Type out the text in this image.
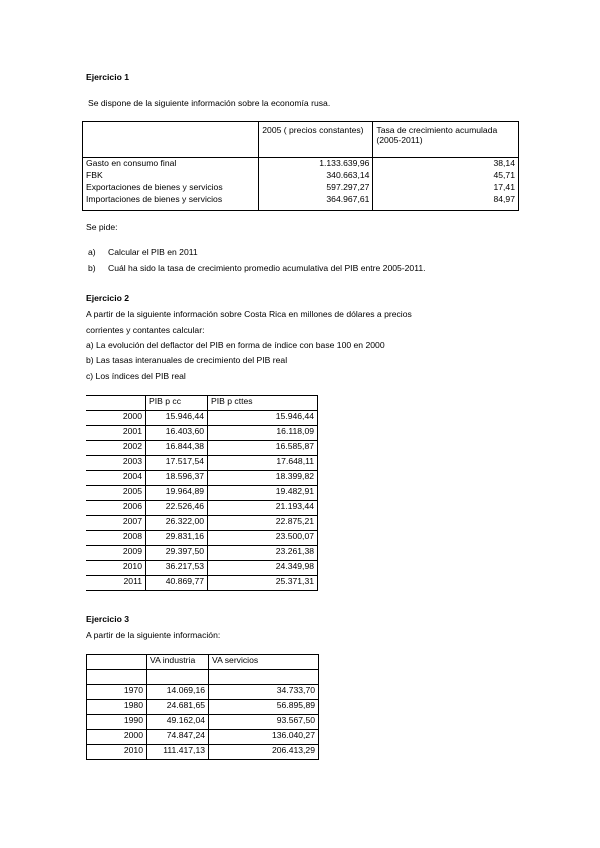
Ejercicio 1
Se dispone de la siguiente información sobre la economía rusa.
	2005 ( precios constantes)	Tasa de crecimiento acumulada (2005-2011)
Gasto en consumo final	1.133.639,96	38,14
FBK	340.663,14	45,71
Exportaciones de bienes y servicios	597.297,27	17,41
Importaciones de bienes y servicios	364.967,61	84,97
Se pide:
a) Calcular el PIB en 2011
b) Cuál ha sido la tasa de crecimiento promedio acumulativa del PIB entre 2005-2011.
Ejercicio 2
A partir de la siguiente información sobre Costa Rica en millones de dólares a precios
corrientes y contantes calcular:
a) La evolución del deflactor del PIB en forma de índice con base 100 en 2000
b) Las tasas interanuales de crecimiento del PIB real
c) Los índices del PIB real
	PIB p cc	PIB p cttes
2000	15.946,44	15.946,44
2001	16.403,60	16.118,09
2002	16.844,38	16.585,87
2003	17.517,54	17.648,11
2004	18.596,37	18.399,82
2005	19.964,89	19.482,91
2006	22.526,46	21.193,44
2007	26.322,00	22.875,21
2008	29.831,16	23.500,07
2009	29.397,50	23.261,38
2010	36.217,53	24.349,98
2011	40.869,77	25.371,31
Ejercicio 3
A partir de la siguiente información:
	VA industria	VA servicios

1970	14.069,16	34.733,70
1980	24.681,65	56.895,89
1990	49.162,04	93.567,50
2000	74.847,24	136.040,27
2010	111.417,13	206.413,29
